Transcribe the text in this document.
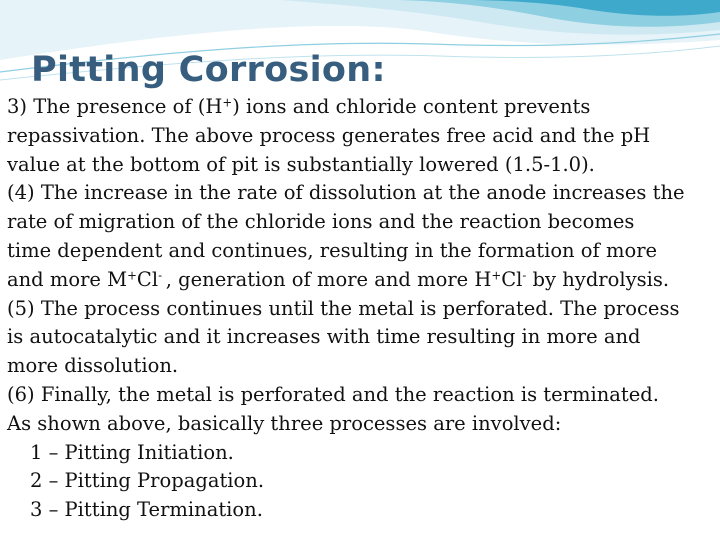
Pitting Corrosion:
3) The presence of (H+) ions and chloride content prevents
repassivation. The above process generates free acid and the pH
value at the bottom of pit is substantially lowered (1.5-1.0).
(4) The increase in the rate of dissolution at the anode increases the
rate of migration of the chloride ions and the reaction becomes
time dependent and continues, resulting in the formation of more
and more M+Cl- , generation of more and more H+Cl- by hydrolysis.
(5) The process continues until the metal is perforated. The process
is autocatalytic and it increases with time resulting in more and
more dissolution.
(6) Finally, the metal is perforated and the reaction is terminated.
As shown above, basically three processes are involved:
1 – Pitting Initiation.
2 – Pitting Propagation.
3 – Pitting Termination.
